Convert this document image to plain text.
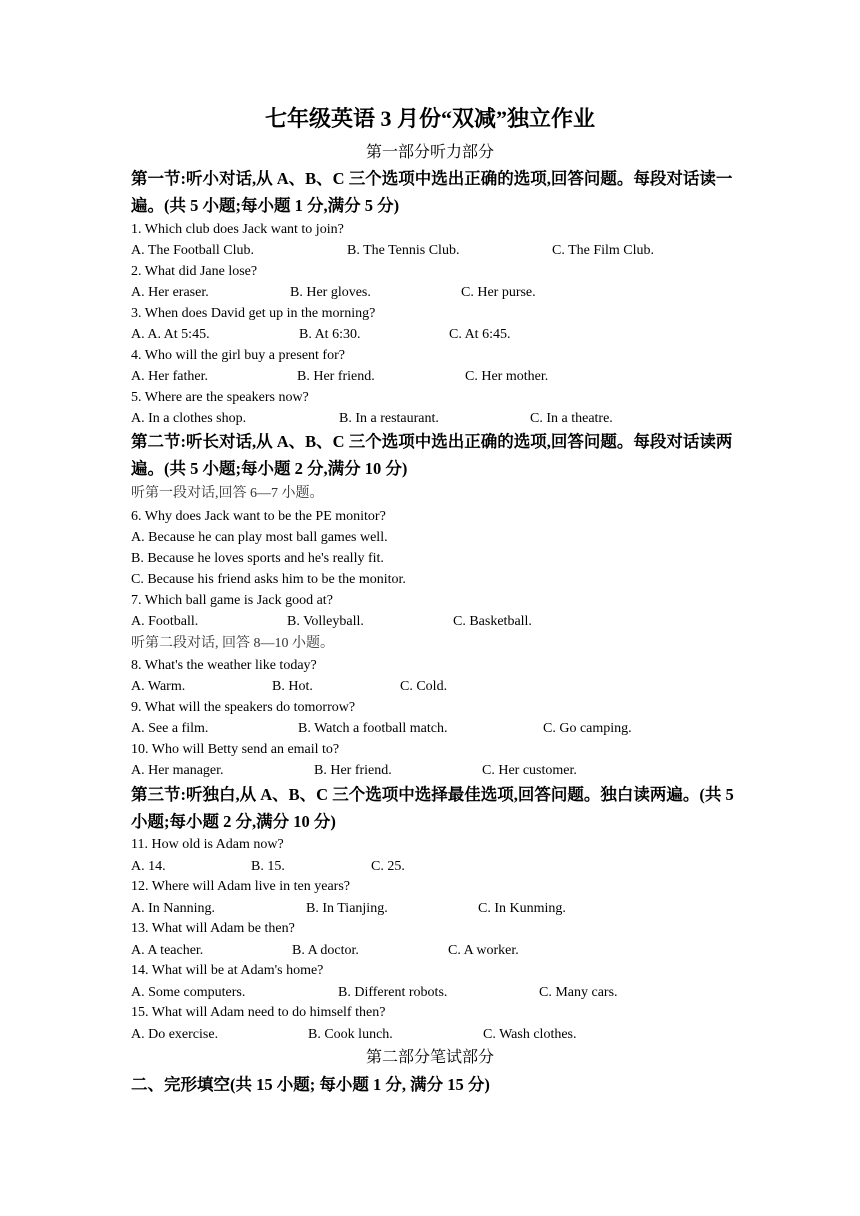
七年级英语 3 月份“双减”独立作业
第一部分听力部分
第一节:听小对话,从 A、B、C 三个选项中选出正确的选项,回答问题。每段对话读一遍。(共 5 小题;每小题 1 分,满分 5 分)
1. Which club does Jack want to join?
A. The Football Club.	B. The Tennis Club.	C. The Film Club.
2. What did Jane lose?
A. Her eraser.	B. Her gloves.	C. Her purse.
3. When does David get up in the morning?
A. A. At 5:45.	B. At 6:30.	C. At 6:45.
4. Who will the girl buy a present for?
A. Her father.	B. Her friend.	C. Her mother.
5. Where are the speakers now?
A. In a clothes shop.	B. In a restaurant.	C. In a theatre.
第二节:听长对话,从 A、B、C 三个选项中选出正确的选项,回答问题。每段对话读两遍。(共 5 小题;每小题 2 分,满分 10 分)
听第一段对话,回答 6—7 小题。
6. Why does Jack want to be the PE monitor?
A. Because he can play most ball games well.
B. Because he loves sports and he's really fit.
C. Because his friend asks him to be the monitor.
7. Which ball game is Jack good at?
A. Football.	B. Volleyball.	C. Basketball.
听第二段对话, 回答 8—10 小题。
8. What's the weather like today?
A. Warm.	B. Hot.	C. Cold.
9. What will the speakers do tomorrow?
A. See a film.	B. Watch a football match.	C. Go camping.
10. Who will Betty send an email to?
A. Her manager.	B. Her friend.	C. Her customer.
第三节:听独白,从 A、B、C 三个选项中选择最佳选项,回答问题。独白读两遍。(共 5 小题;每小题 2 分,满分 10 分)
11. How old is Adam now?
A. 14.	B. 15.	C. 25.
12. Where will Adam live in ten years?
A. In Nanning.	B. In Tianjing.	C. In Kunming.
13. What will Adam be then?
A. A teacher.	B. A doctor.	C. A worker.
14. What will be at Adam's home?
A. Some computers.	B. Different robots.	C. Many cars.
15. What will Adam need to do himself then?
A. Do exercise.	B. Cook lunch.	C. Wash clothes.
第二部分笔试部分
二、完形填空(共 15 小题; 每小题 1 分, 满分 15 分)
